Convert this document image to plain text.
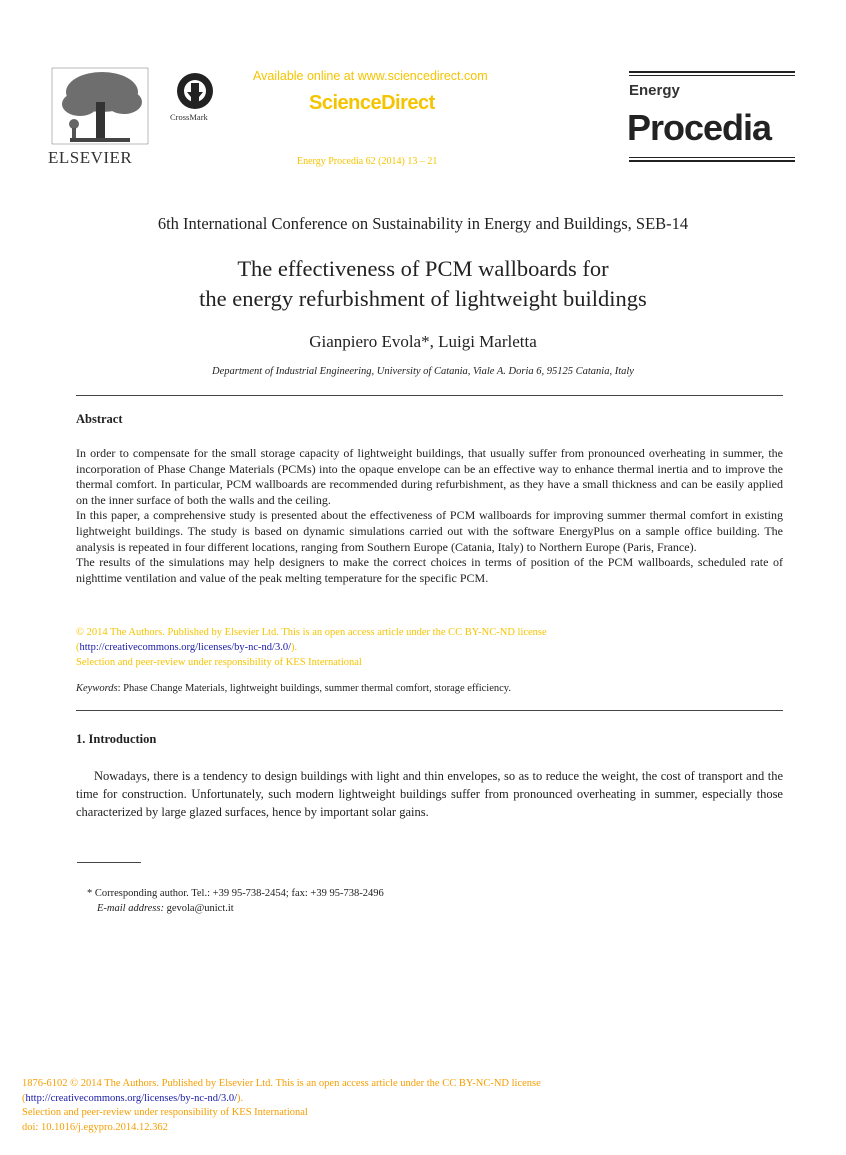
ELSEVIER
CrossMark
Available online at www.sciencedirect.com
ScienceDirect
Energy Procedia 62 (2014) 13 – 21
Energy
Procedia
6th International Conference on Sustainability in Energy and Buildings, SEB-14
The effectiveness of PCM wallboards for
the energy refurbishment of lightweight buildings
Gianpiero Evola*, Luigi Marletta
Department of Industrial Engineering, University of Catania, Viale A. Doria 6, 95125 Catania, Italy
Abstract

In order to compensate for the small storage capacity of lightweight buildings, that usually suffer from pronounced overheating in summer, the incorporation of Phase Change Materials (PCMs) into the opaque envelope can be an effective way to enhance thermal inertia and to improve the thermal comfort. In particular, PCM wallboards are recommended during refurbishment, as they have a small thickness and can be easily applied on the inner surface of both the walls and the ceiling.

In this paper, a comprehensive study is presented about the effectiveness of PCM wallboards for improving summer thermal comfort in existing lightweight buildings. The study is based on dynamic simulations carried out with the software EnergyPlus on a sample office building. The analysis is repeated in four different locations, ranging from Southern Europe (Catania, Italy) to Northern Europe (Paris, France).

The results of the simulations may help designers to make the correct choices in terms of position of the PCM wallboards, scheduled rate of nighttime ventilation and value of the peak melting temperature for the specific PCM.

© 2014 The Authors. Published by Elsevier Ltd. This is an open access article under the CC BY-NC-ND license
(http://creativecommons.org/licenses/by-nc-nd/3.0/).
Selection and peer-review under responsibility of KES International
Keywords: Phase Change Materials, lightweight buildings, summer thermal comfort, storage efficiency.
1. Introduction
Nowadays, there is a tendency to design buildings with light and thin envelopes, so as to reduce the weight, the cost of transport and the time for construction. Unfortunately, such modern lightweight buildings suffer from pronounced overheating in summer, especially those characterized by large glazed surfaces, hence by important solar gains.
* Corresponding author. Tel.: +39 95-738-2454; fax: +39 95-738-2496
E-mail address: gevola@unict.it
1876-6102 © 2014 The Authors. Published by Elsevier Ltd. This is an open access article under the CC BY-NC-ND license
(http://creativecommons.org/licenses/by-nc-nd/3.0/).
Selection and peer-review under responsibility of KES International
doi: 10.1016/j.egypro.2014.12.362
